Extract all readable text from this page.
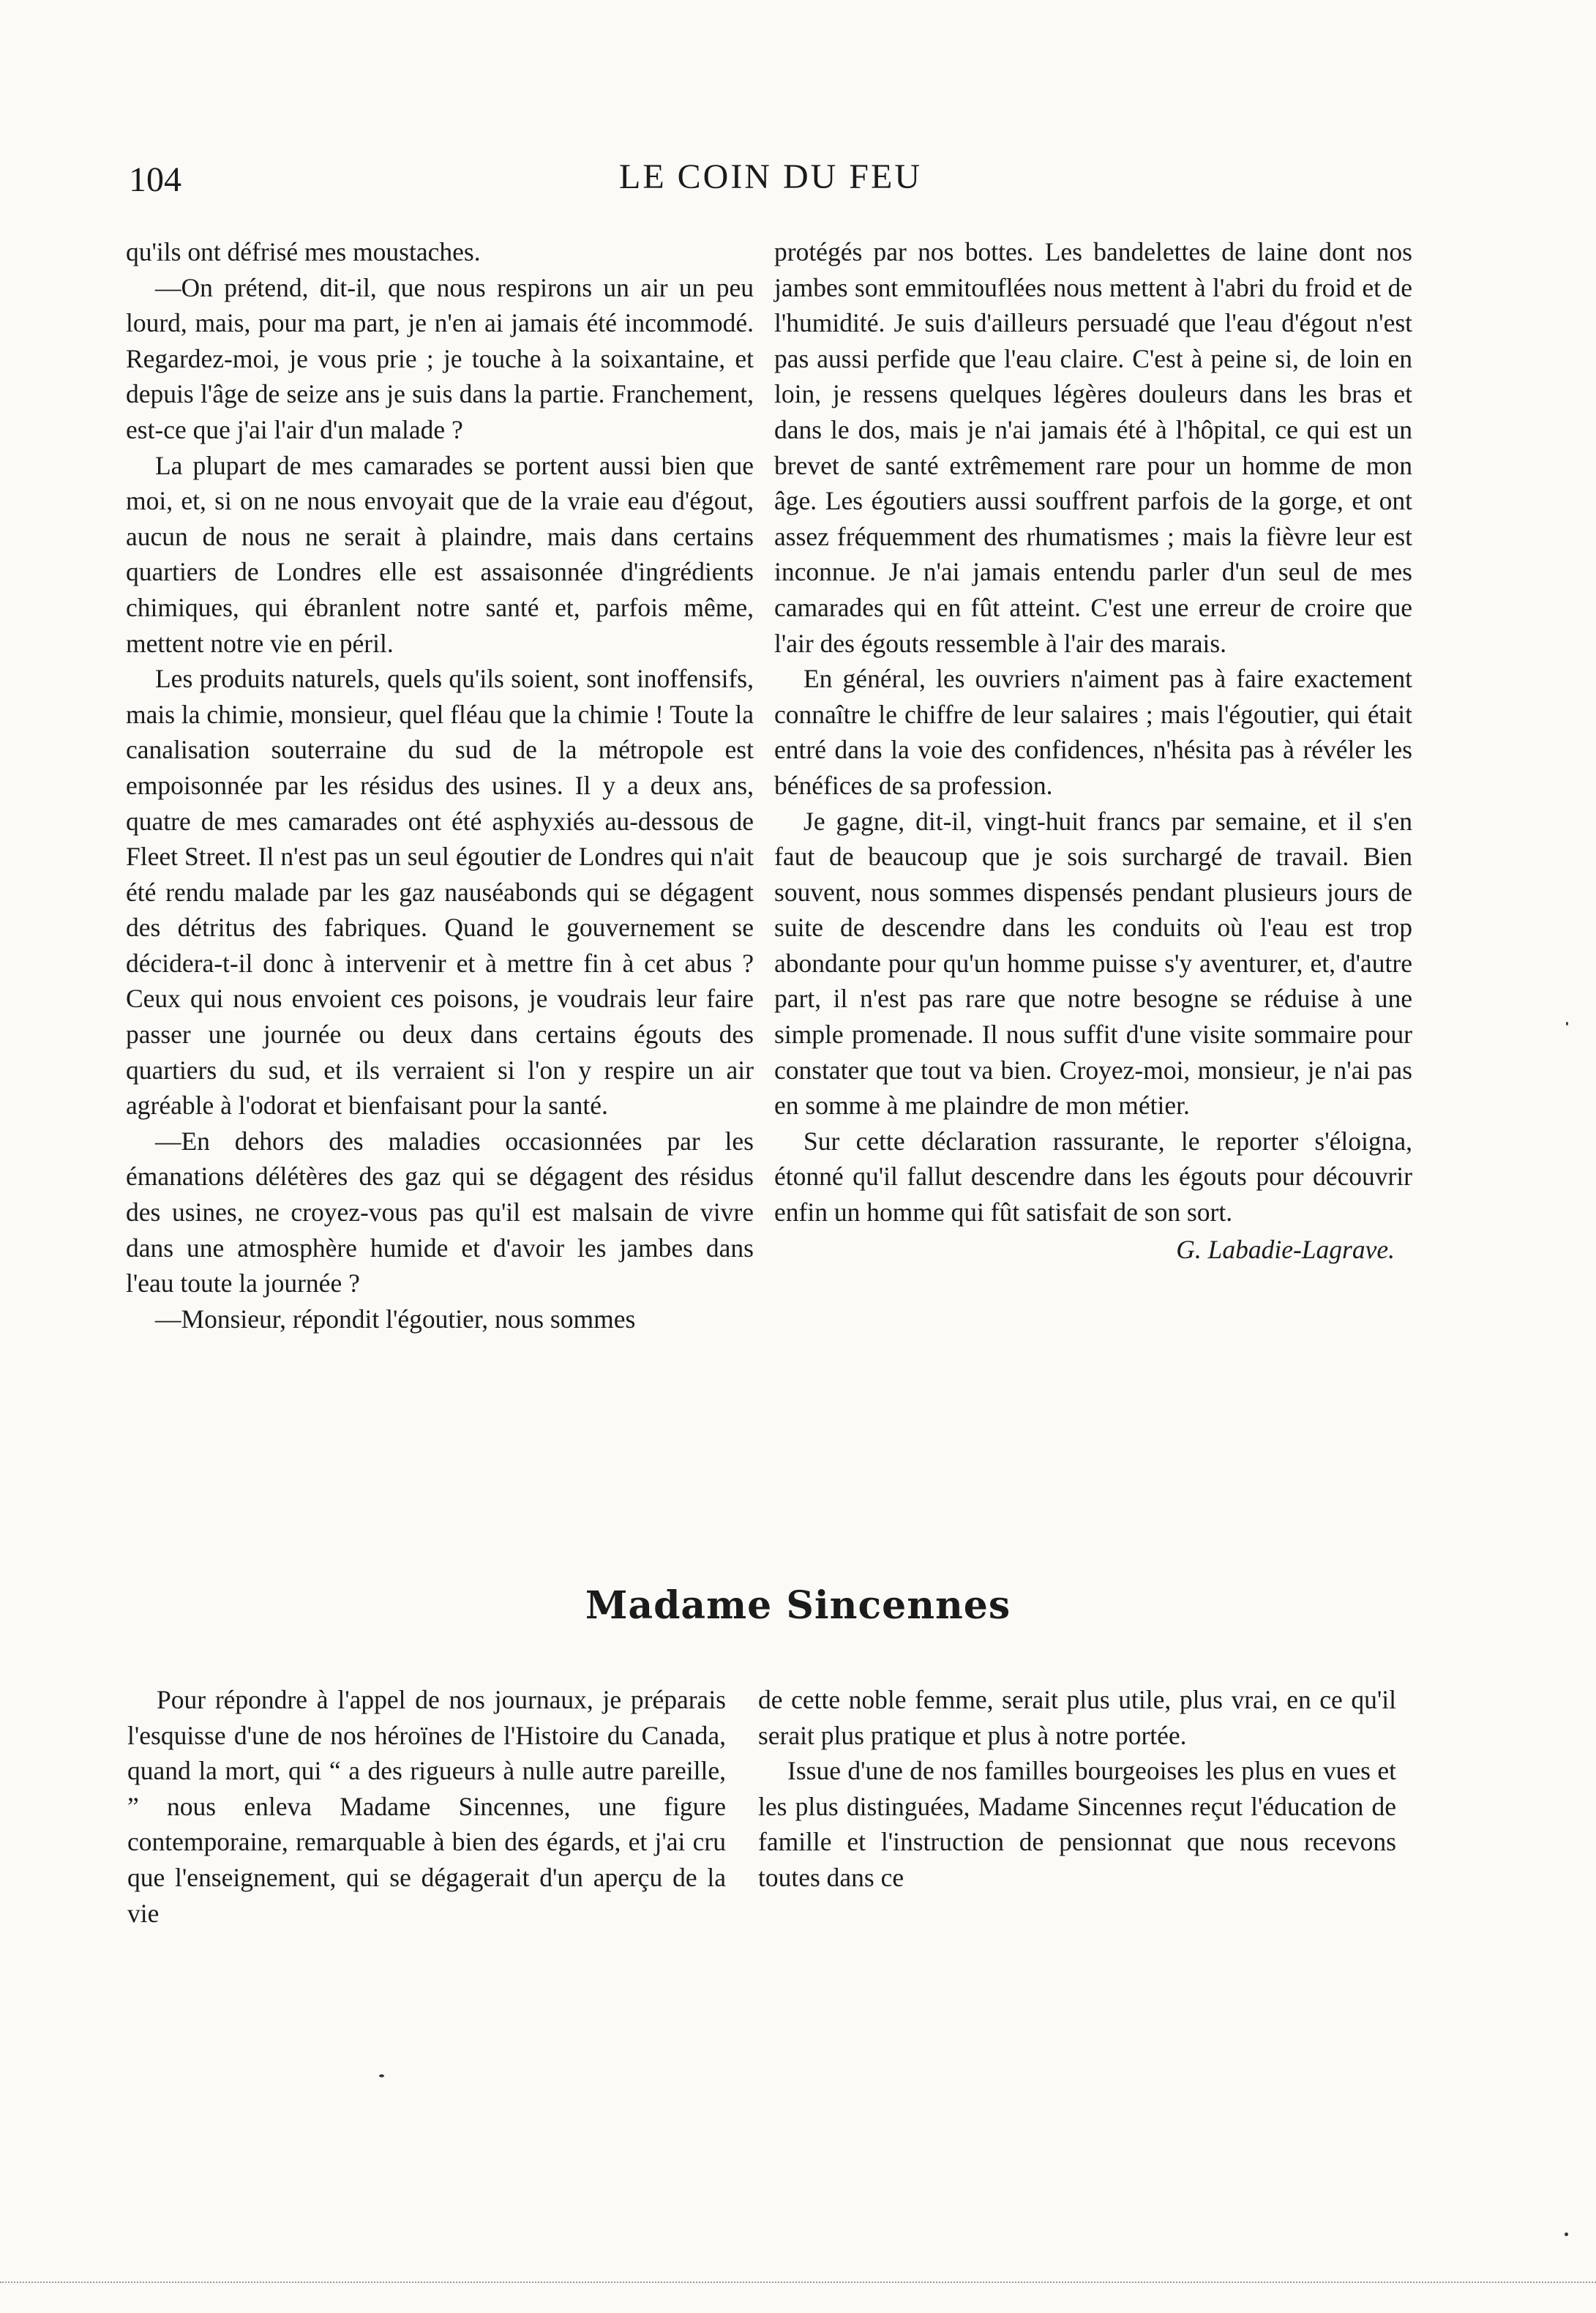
104	LE COIN DU FEU

qu'ils ont défrisé mes moustaches.

—On prétend, dit-il, que nous respirons un air un peu lourd, mais, pour ma part, je n'en ai jamais été incommodé. Regardez-moi, je vous prie ; je touche à la soixantaine, et depuis l'âge de seize ans je suis dans la partie. Franchement, est-ce que j'ai l'air d'un malade ?

La plupart de mes camarades se portent aussi bien que moi, et, si on ne nous envoyait que de la vraie eau d'égout, aucun de nous ne serait à plaindre, mais dans certains quartiers de Londres elle est assaisonnée d'ingrédients chimiques, qui ébranlent notre santé et, parfois même, mettent notre vie en péril.

Les produits naturels, quels qu'ils soient, sont inoffensifs, mais la chimie, monsieur, quel fléau que la chimie ! Toute la canalisation souterraine du sud de la métropole est empoisonnée par les résidus des usines. Il y a deux ans, quatre de mes camarades ont été asphyxiés au-dessous de Fleet Street. Il n'est pas un seul égoutier de Londres qui n'ait été rendu malade par les gaz nauséabonds qui se dégagent des détritus des fabriques. Quand le gouvernement se décidera-t-il donc à intervenir et à mettre fin à cet abus ? Ceux qui nous envoient ces poisons, je voudrais leur faire passer une journée ou deux dans certains égouts des quartiers du sud, et ils verraient si l'on y respire un air agréable à l'odorat et bienfaisant pour la santé.

—En dehors des maladies occasionnées par les émanations délétères des gaz qui se dégagent des résidus des usines, ne croyez-vous pas qu'il est malsain de vivre dans une atmosphère humide et d'avoir les jambes dans l'eau toute la journée ?

—Monsieur, répondit l'égoutier, nous sommes

protégés par nos bottes. Les bandelettes de laine dont nos jambes sont emmitouflées nous mettent à l'abri du froid et de l'humidité. Je suis d'ailleurs persuadé que l'eau d'égout n'est pas aussi perfide que l'eau claire. C'est à peine si, de loin en loin, je ressens quelques légères douleurs dans les bras et dans le dos, mais je n'ai jamais été à l'hôpital, ce qui est un brevet de santé extrêmement rare pour un homme de mon âge. Les égoutiers aussi souffrent parfois de la gorge, et ont assez fréquemment des rhumatismes ; mais la fièvre leur est inconnue. Je n'ai jamais entendu parler d'un seul de mes camarades qui en fût atteint. C'est une erreur de croire que l'air des égouts ressemble à l'air des marais.

En général, les ouvriers n'aiment pas à faire exactement connaître le chiffre de leur salaires ; mais l'égoutier, qui était entré dans la voie des confidences, n'hésita pas à révéler les bénéfices de sa profession.

Je gagne, dit-il, vingt-huit francs par semaine, et il s'en faut de beaucoup que je sois surchargé de travail. Bien souvent, nous sommes dispensés pendant plusieurs jours de suite de descendre dans les conduits où l'eau est trop abondante pour qu'un homme puisse s'y aventurer, et, d'autre part, il n'est pas rare que notre besogne se réduise à une simple promenade. Il nous suffit d'une visite sommaire pour constater que tout va bien. Croyez-moi, monsieur, je n'ai pas en somme à me plaindre de mon métier.

Sur cette déclaration rassurante, le reporter s'éloigna, étonné qu'il fallut descendre dans les égouts pour découvrir enfin un homme qui fût satisfait de son sort.

G. Labadie-Lagrave.
Madame Sincennes

Pour répondre à l'appel de nos journaux, je préparais l'esquisse d'une de nos héroïnes de l'Histoire du Canada, quand la mort, qui “ a des rigueurs à nulle autre pareille, ” nous enleva Madame Sincennes, une figure contemporaine, remarquable à bien des égards, et j'ai cru que l'enseignement, qui se dégagerait d'un aperçu de la vie

de cette noble femme, serait plus utile, plus vrai, en ce qu'il serait plus pratique et plus à notre portée.

Issue d'une de nos familles bourgeoises les plus en vues et les plus distinguées, Madame Sincennes reçut l'éducation de famille et l'instruction de pensionnat que nous recevons toutes dans ce
